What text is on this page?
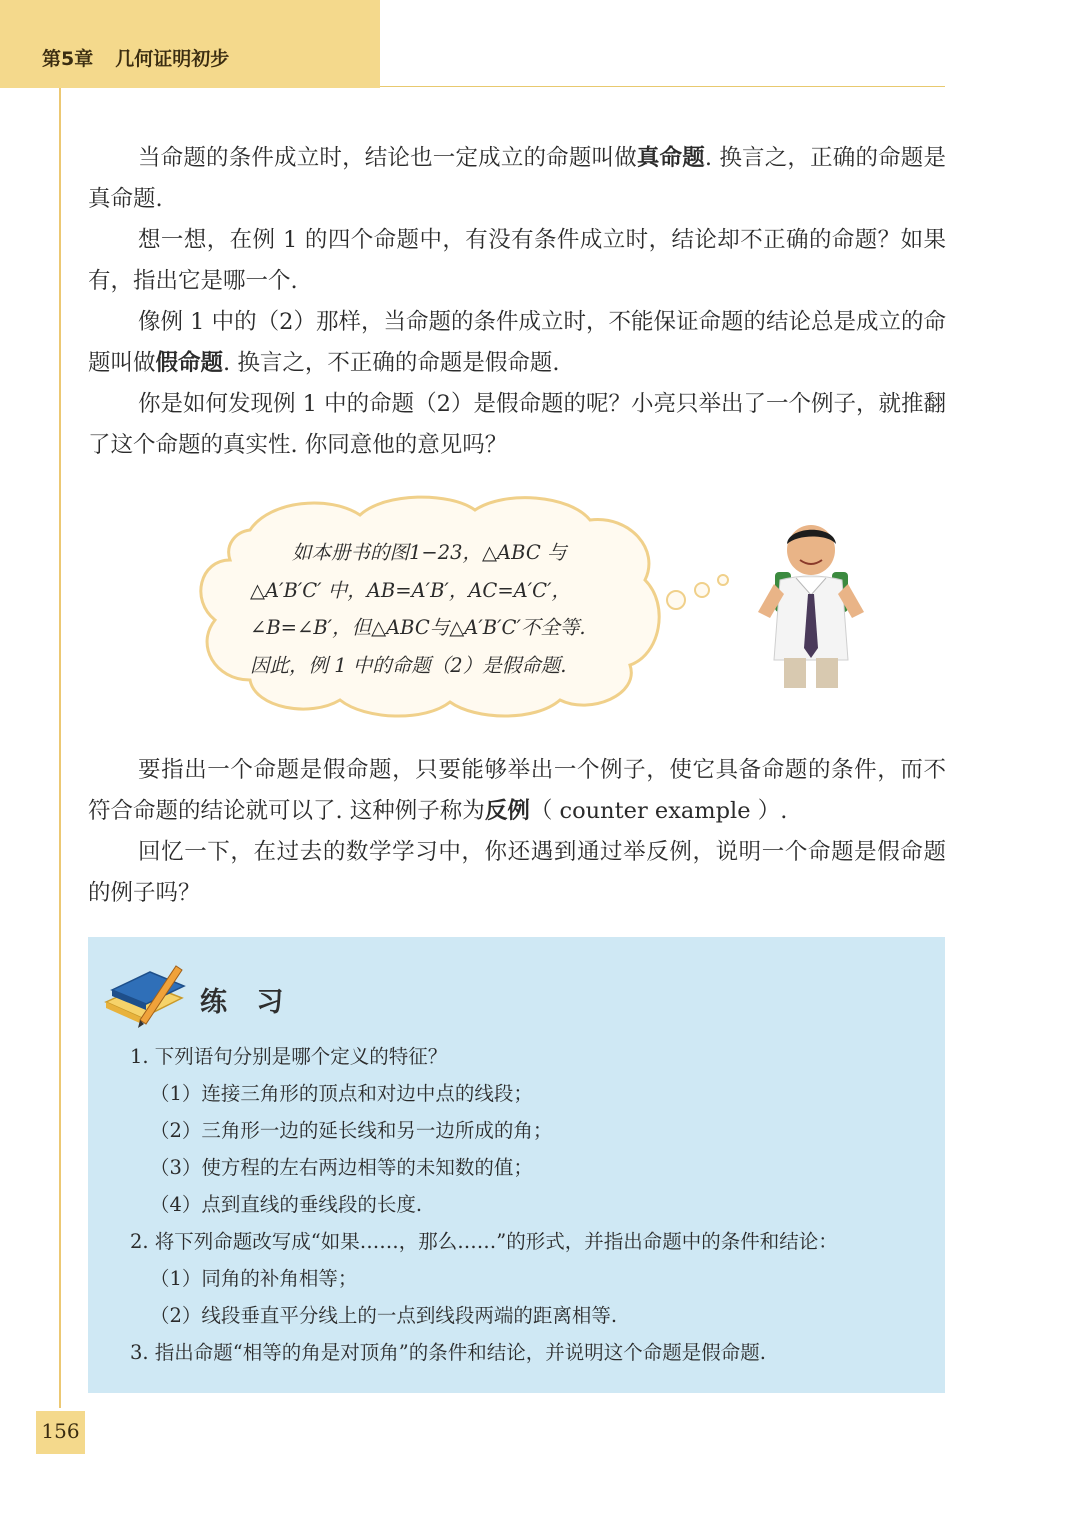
第5章 几何证明初步

当命题的条件成立时，结论也一定成立的命题叫做真命题. 换言之，正确的命题是真命题.

想一想，在例 1 的四个命题中，有没有条件成立时，结论却不正确的命题？如果有，指出它是哪一个.

像例 1 中的（2）那样，当命题的条件成立时，不能保证命题的结论总是成立的命题叫做假命题. 换言之，不正确的命题是假命题.

你是如何发现例 1 中的命题（2）是假命题的呢？小亮只举出了一个例子，就推翻了这个命题的真实性. 你同意他的意见吗？

如本册书的图1−23，△ABC 与
△A′B′C′ 中，AB=A′B′，AC=A′C′，
∠B=∠B′，但△ABC与△A′B′C′不全等.
因此，例 1 中的命题（2）是假命题.

要指出一个命题是假命题，只要能够举出一个例子，使它具备命题的条件，而不符合命题的结论就可以了. 这种例子称为反例（ counter example ）.

回忆一下，在过去的数学学习中，你还遇到通过举反例，说明一个命题是假命题的例子吗？

练 习
1. 下列语句分别是哪个定义的特征？
（1）连接三角形的顶点和对边中点的线段；
（2）三角形一边的延长线和另一边所成的角；
（3）使方程的左右两边相等的未知数的值；
（4）点到直线的垂线段的长度.
2. 将下列命题改写成“如果……，那么……”的形式，并指出命题中的条件和结论：
（1）同角的补角相等；
（2）线段垂直平分线上的一点到线段两端的距离相等.
3. 指出命题“相等的角是对顶角”的条件和结论，并说明这个命题是假命题.
156
